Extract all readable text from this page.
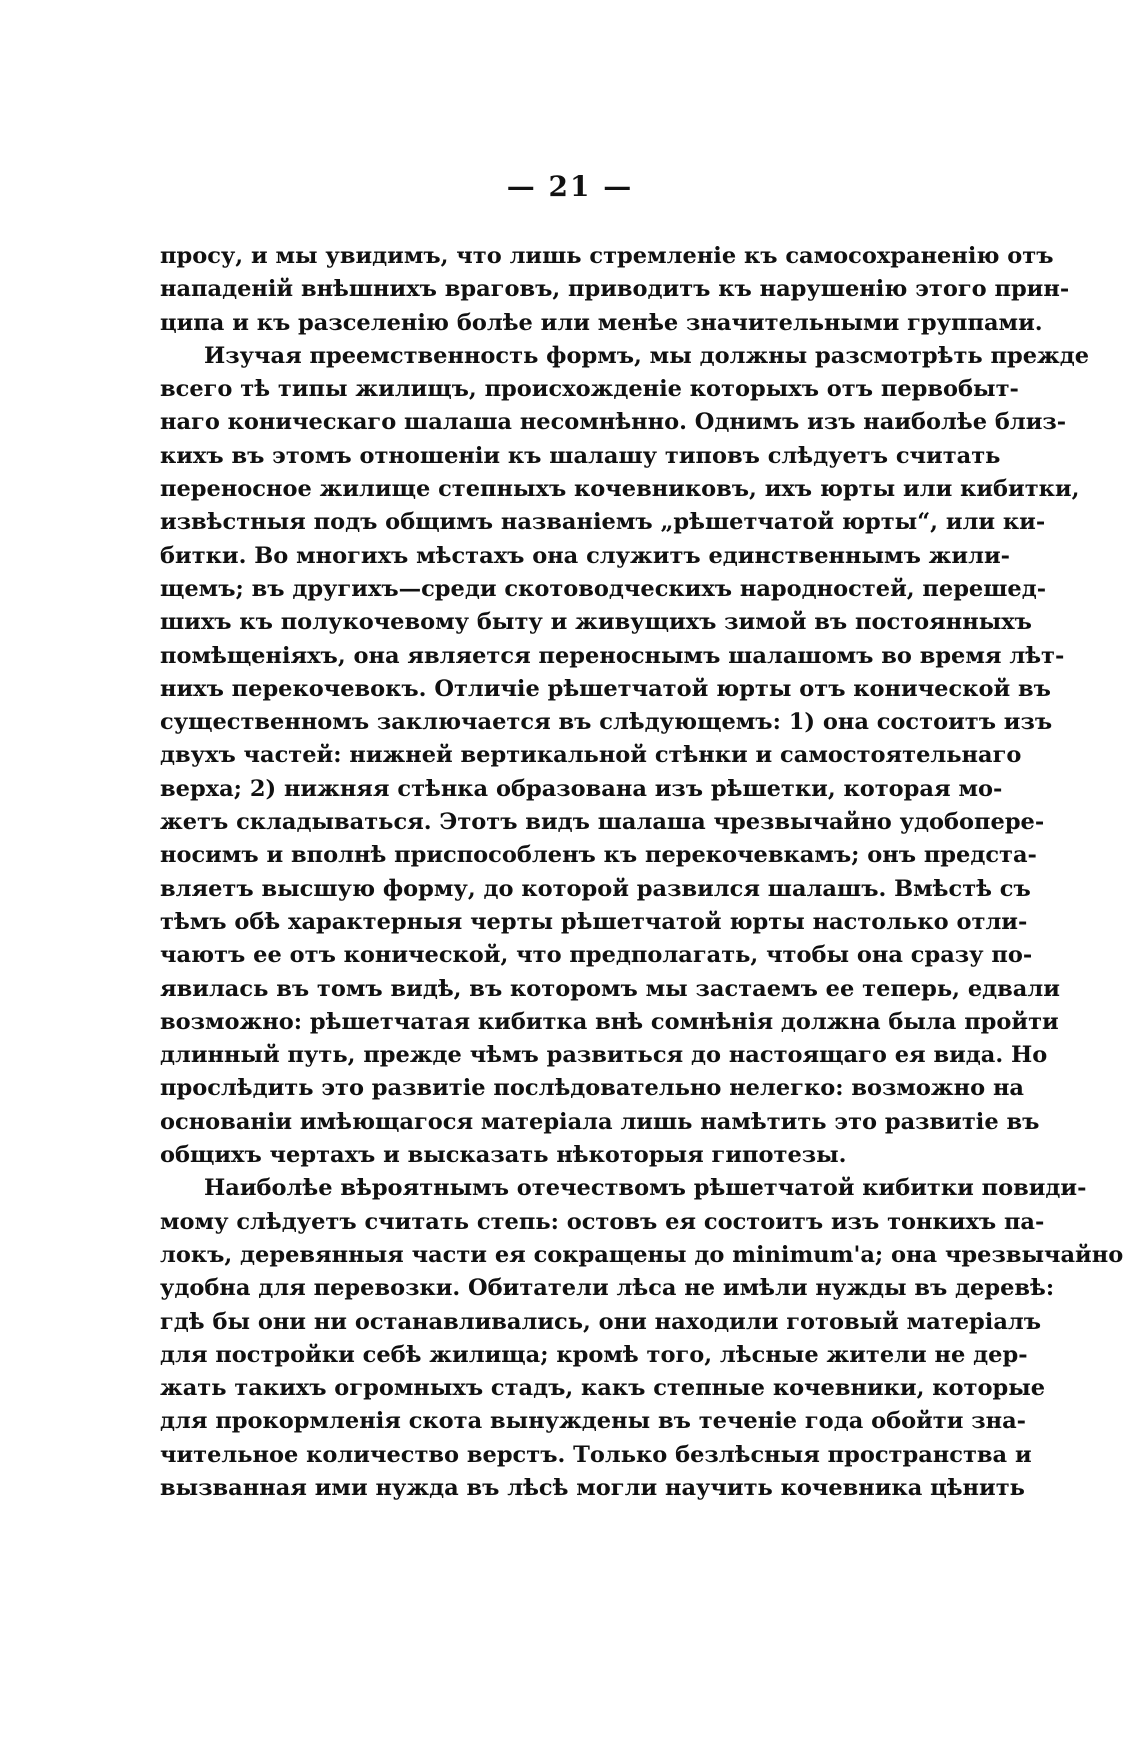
— 21 —
просу, и мы увидимъ, что лишь стремленіе къ самосохраненію отъ
нападеній внѣшнихъ враговъ, приводитъ къ нарушенію этого прин-
ципа и къ разселенію болѣе или менѣе значительными группами.
Изучая преемственность формъ, мы должны разсмотрѣть прежде
всего тѣ типы жилищъ, происхожденіе которыхъ отъ первобыт-
наго коническаго шалаша несомнѣнно. Однимъ изъ наиболѣе близ-
кихъ въ этомъ отношеніи къ шалашу типовъ слѣдуетъ считать
переносное жилище степныхъ кочевниковъ, ихъ юрты или кибитки,
извѣстныя подъ общимъ названіемъ „рѣшетчатой юрты“, или ки-
битки. Во многихъ мѣстахъ она служитъ единственнымъ жили-
щемъ; въ другихъ—среди скотоводческихъ народностей, перешед-
шихъ къ полукочевому быту и живущихъ зимой въ постоянныхъ
помѣщеніяхъ, она является переноснымъ шалашомъ во время лѣт-
нихъ перекочевокъ. Отличіе рѣшетчатой юрты отъ конической въ
существенномъ заключается въ слѣдующемъ: 1) она состоитъ изъ
двухъ частей: нижней вертикальной стѣнки и самостоятельнаго
верха; 2) нижняя стѣнка образована изъ рѣшетки, которая мо-
жетъ складываться. Этотъ видъ шалаша чрезвычайно удобопере-
носимъ и вполнѣ приспособленъ къ перекочевкамъ; онъ предста-
вляетъ высшую форму, до которой развился шалашъ. Вмѣстѣ съ
тѣмъ обѣ характерныя черты рѣшетчатой юрты настолько отли-
чаютъ ее отъ конической, что предполагать, чтобы она сразу по-
явилась въ томъ видѣ, въ которомъ мы застаемъ ее теперь, едвали
возможно: рѣшетчатая кибитка внѣ сомнѣнія должна была пройти
длинный путь, прежде чѣмъ развиться до настоящаго ея вида. Но
прослѣдить это развитіе послѣдовательно нелегко: возможно на
основаніи имѣющагося матеріала лишь намѣтить это развитіе въ
общихъ чертахъ и высказать нѣкоторыя гипотезы.
Наиболѣе вѣроятнымъ отечествомъ рѣшетчатой кибитки повиди-
мому слѣдуетъ считать степь: остовъ ея состоитъ изъ тонкихъ па-
локъ, деревянныя части ея сокращены до minimum'а; она чрезвычайно
удобна для перевозки. Обитатели лѣса не имѣли нужды въ деревѣ:
гдѣ бы они ни останавливались, они находили готовый матеріалъ
для постройки себѣ жилища; кромѣ того, лѣсные жители не дер-
жать такихъ огромныхъ стадъ, какъ степные кочевники, которые
для прокормленія скота вынуждены въ теченіе года обойти зна-
чительное количество верстъ. Только безлѣсныя пространства и
вызванная ими нужда въ лѣсѣ могли научить кочевника цѣнить
